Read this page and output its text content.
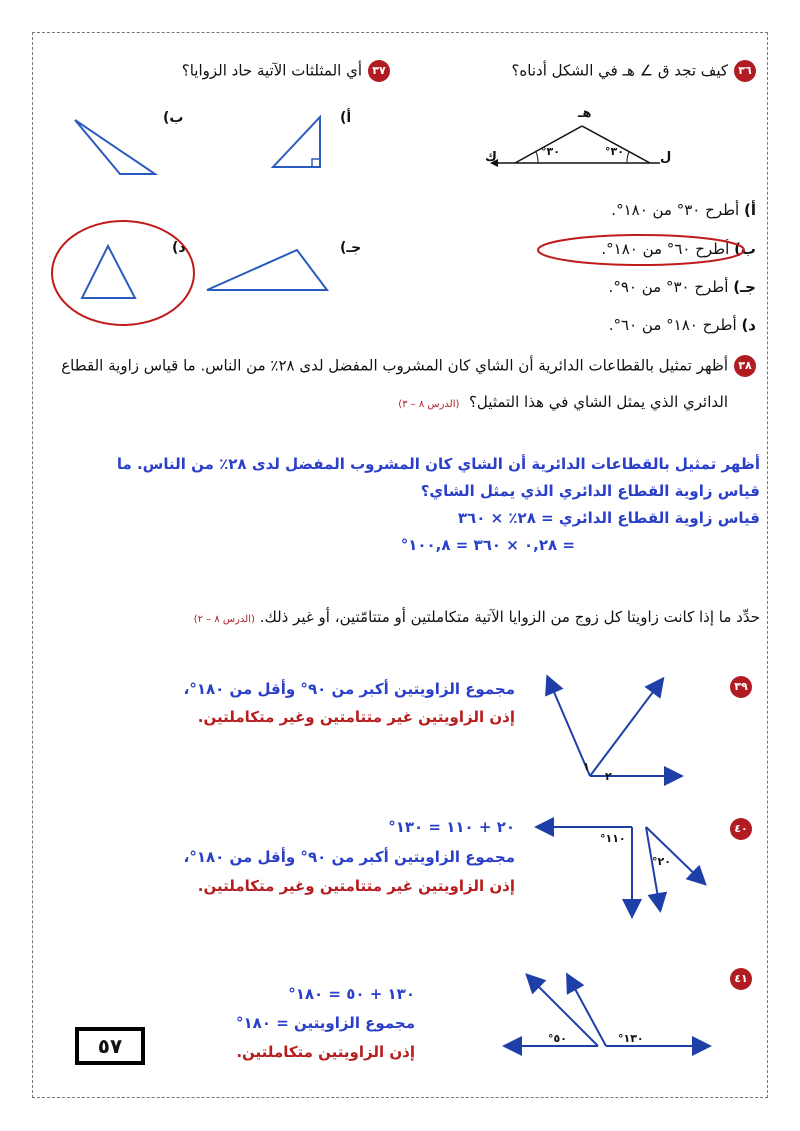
٣٦كيف تجد ق ∠ هـ في الشكل أدناه؟
٣٧أي المثلثات الآتية حاد الزوايا؟
هـ
ك	ل
٣٠°	٣٠°
أ) أطرح ٣٠° من ١٨٠°.
ب) أطرح ٦٠° من ١٨٠°.
جـ) أطرح ٣٠° من ٩٠°.
د) أطرح ١٨٠° من ٦٠°.
ب)	أ)
د)	جـ)
٣٨أظهر تمثيل بالقطاعات الدائرية أن الشاي كان المشروب المفضل لدى ٢٨٪ من الناس. ما قياس زاوية القطاع
الدائري الذي يمثل الشاي في هذا التمثيل؟  (الدرس ٨ – ٣)
أظهر تمثيل بالقطاعات الدائرية أن الشاي كان المشروب المفضل لدى ٢٨٪ من الناس. ما
قياس زاوية القطاع الدائري الذي يمثل الشاي؟
قياس زاوية القطاع الدائري = ٢٨٪ × ٣٦٠
= ٠,٢٨ × ٣٦٠ = ١٠٠,٨°
حدِّد ما إذا كانت زاويتا كل زوج من الزوايا الآتية متكاملتين أو متتامّتين، أو غير ذلك. (الدرس ٨ – ٢)
٣٩
١
٢
مجموع الزاويتين أكبر من ٩٠° وأقل من ١٨٠°،
إذن الزاويتين غير متتامتين وغير متكاملتين.
٤٠
١١٠°
٢٠°
٢٠ + ١١٠ = ١٣٠°
مجموع الزاويتين أكبر من ٩٠° وأقل من ١٨٠°،
إذن الزاويتين غير متتامتين وغير متكاملتين.
٤١
٥٠°	١٣٠°
١٣٠ + ٥٠ = ١٨٠°
مجموع الزاويتين = ١٨٠°
إذن الزاويتين متكاملتين.
٥٧
